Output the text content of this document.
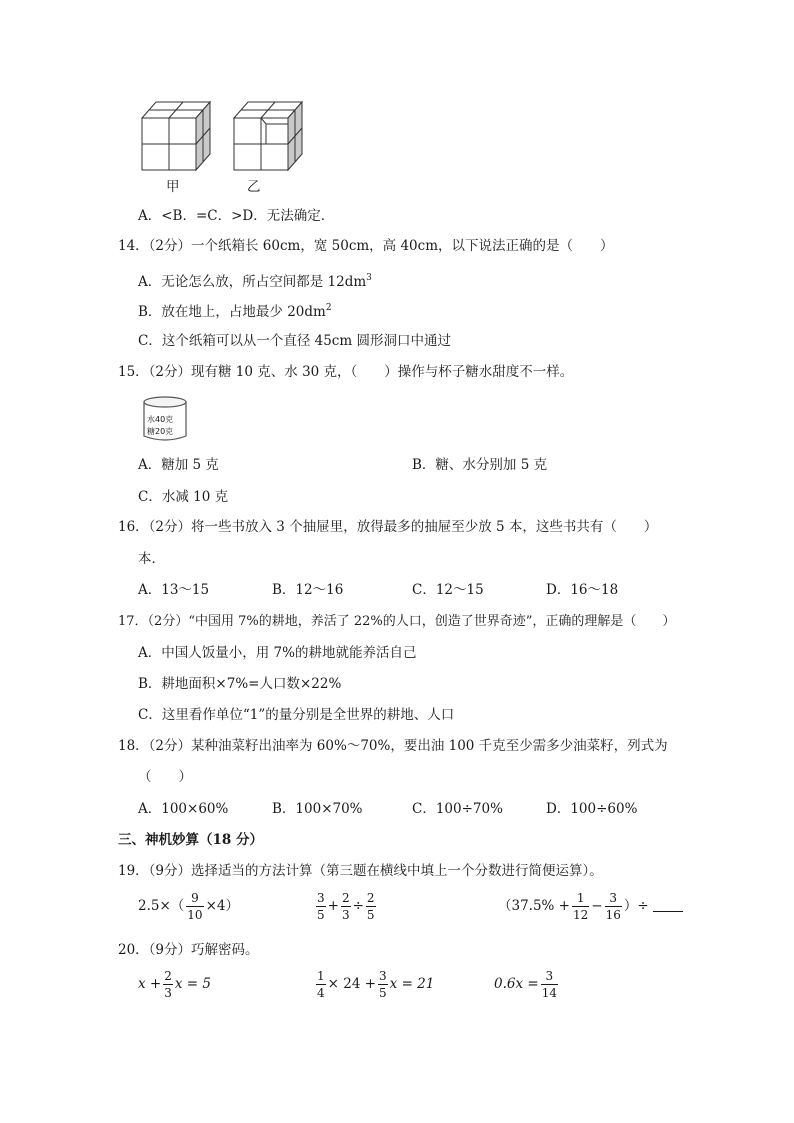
甲	乙
A．<B．=C．>D．无法确定．
14．（2分）一个纸箱长 60cm，宽 50cm，高 40cm，以下说法正确的是（　　）
A．无论怎么放，所占空间都是 $12dm^3$
B．放在地上，占地最少 $20dm^2$
C．这个纸箱可以从一个直径 45cm 圆形洞口中通过
15．（2分）现有糖 10 克、水 30 克，（　　）操作与杯子糖水甜度不一样。
水40克
糖20克
A．糖加 5 克	B．糖、水分别加 5 克
C．水减 10 克
16．（2分）将一些书放入 3 个抽屉里，放得最多的抽屉至少放 5 本，这些书共有（　　）
本．
A．13～15	B．12～16	C．12～15	D．16～18
17．（2分）“中国用 7%的耕地，养活了 22%的人口，创造了世界奇迹”，正确的理解是（　　）
A．中国人饭量小，用 7%的耕地就能养活自己
B．耕地面积×7%=人口数×22%
C．这里看作单位“1”的量分别是全世界的耕地、人口
18．（2分）某种油菜籽出油率为 60%～70%，要出油 100 千克至少需多少油菜籽，列式为
（　　）
A．100×60%	B．100×70%	C．100÷70%	D．100÷60%
三、神机妙算（18 分）
19．（9分）选择适当的方法计算（第三题在横线中填上一个分数进行简便运算）。
$2.5\times( \frac{9}{10} \times 4)$	$\frac{3}{5} + \frac{2}{3} \div \frac{2}{5}$	（$37.5\% + \frac{1}{12} - \frac{3}{16}$ ）÷
20．（9分）巧解密码。
$x + \frac{2}{3}$ x = 5	$\frac{1}{4} \times 24 + \frac{3}{5}$ x = 21	$0.6x = \frac{3}{14}$
